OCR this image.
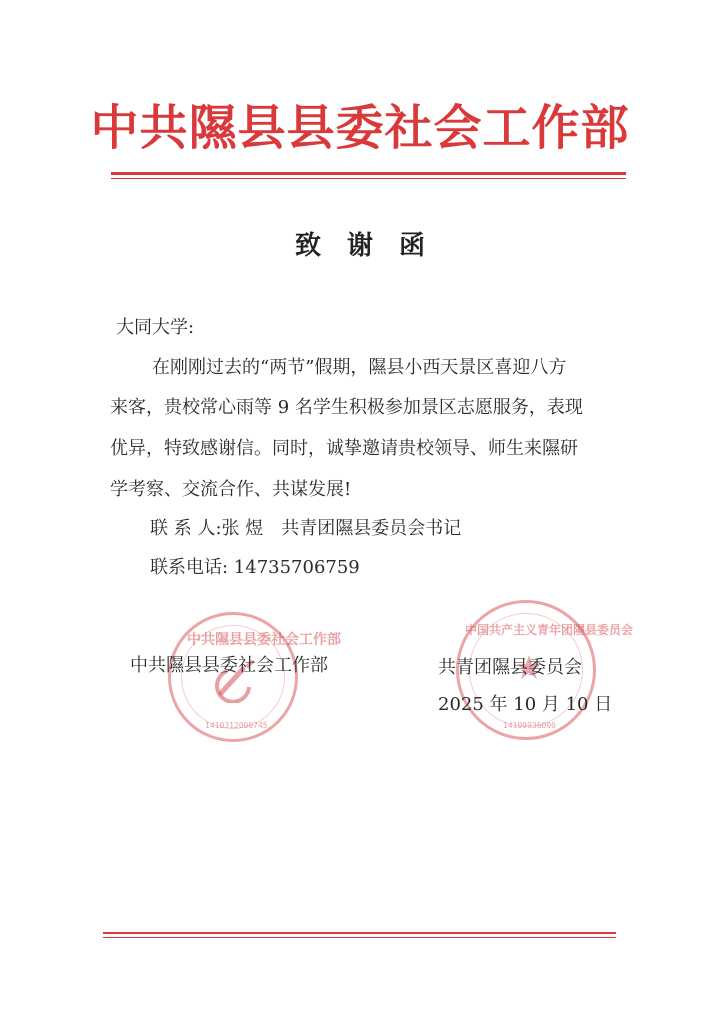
中共隰县县委社会工作部
致　谢　函
大同大学:
在刚刚过去的“两节”假期，隰县小西天景区喜迎八方
来客，贵校常心雨等 9 名学生积极参加景区志愿服务，表现
优异，特致感谢信。同时，诚挚邀请贵校领导、师生来隰研
学考察、交流合作、共谋发展!
联 系 人:张 煜　共青团隰县委员会书记
联系电话: 14735706759
中共隰县县委社会工作部
1410312000745
中国共产主义青年团隰县委员会
14109936000
中共隰县县委社会工作部	共青团隰县委员会
2025 年 10 月 10 日
